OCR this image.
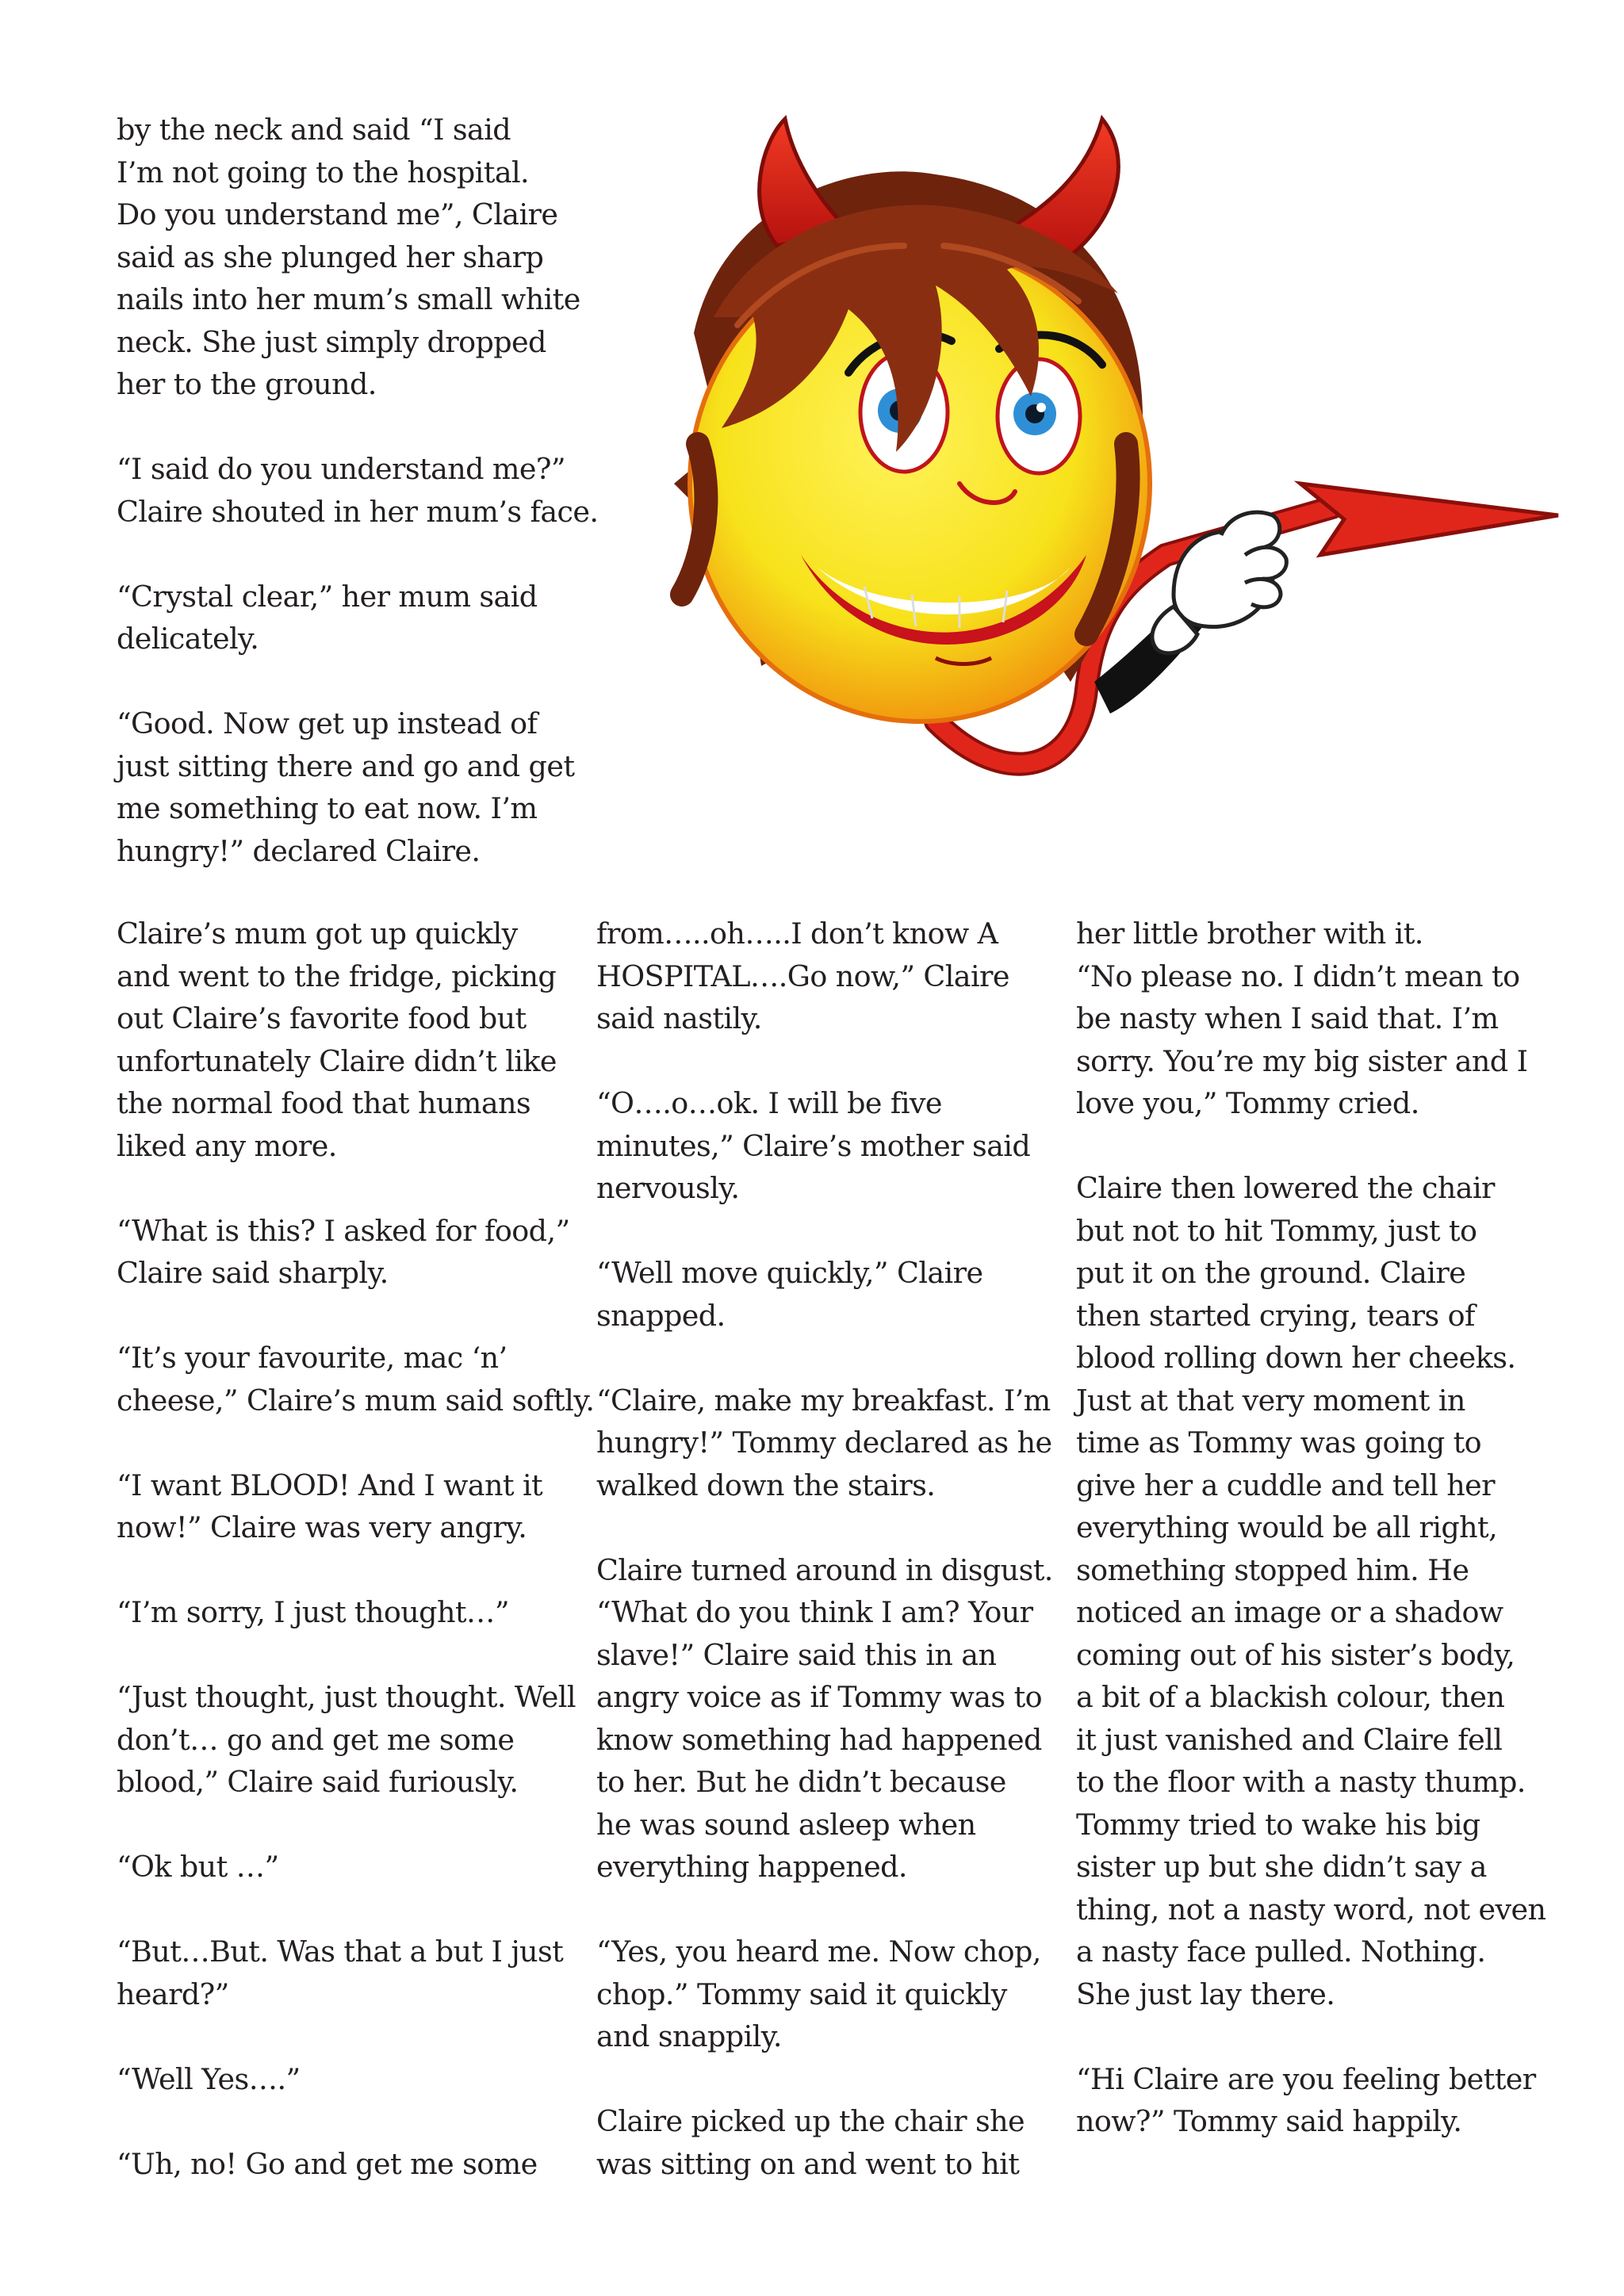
by the neck and said “I said
I’m not going to the hospital.
Do you understand me”, Claire
said as she plunged her sharp
nails into her mum’s small white
neck. She just simply dropped
her to the ground.

“I said do you understand me?”
Claire shouted in her mum’s face.

“Crystal clear,” her mum said
delicately.

“Good. Now get up instead of
just sitting there and go and get
me something to eat now. I’m
hungry!” declared Claire.

Claire’s mum got up quickly
and went to the fridge, picking
out Claire’s favorite food but
unfortunately Claire didn’t like
the normal food that humans
liked any more.

“What is this? I asked for food,”
Claire said sharply.

“It’s your favourite, mac ‘n’
cheese,” Claire’s mum said softly.

“I want BLOOD! And I want it
now!” Claire was very angry.

“I’m sorry, I just thought…”

“Just thought, just thought. Well
don’t… go and get me some
blood,” Claire said furiously.

“Ok but …”

“But…But. Was that a but I just
heard?”

“Well Yes….”

“Uh, no! Go and get me some

from…..oh…..I don’t know A
HOSPITAL….Go now,” Claire
said nastily.

“O….o…ok. I will be five
minutes,” Claire’s mother said
nervously.

“Well move quickly,” Claire
snapped.

“Claire, make my breakfast. I’m
hungry!” Tommy declared as he
walked down the stairs.

Claire turned around in disgust.
“What do you think I am? Your
slave!” Claire said this in an
angry voice as if Tommy was to
know something had happened
to her. But he didn’t because
he was sound asleep when
everything happened.

“Yes, you heard me. Now chop,
chop.” Tommy said it quickly
and snappily.

Claire picked up the chair she
was sitting on and went to hit

her little brother with it.
“No please no. I didn’t mean to
be nasty when I said that. I’m
sorry. You’re my big sister and I
love you,” Tommy cried.

Claire then lowered the chair
but not to hit Tommy, just to
put it on the ground. Claire
then started crying, tears of
blood rolling down her cheeks.
Just at that very moment in
time as Tommy was going to
give her a cuddle and tell her
everything would be all right,
something stopped him. He
noticed an image or a shadow
coming out of his sister’s body,
a bit of a blackish colour, then
it just vanished and Claire fell
to the floor with a nasty thump.
Tommy tried to wake his big
sister up but she didn’t say a
thing, not a nasty word, not even
a nasty face pulled. Nothing.
She just lay there.

“Hi Claire are you feeling better
now?” Tommy said happily.
